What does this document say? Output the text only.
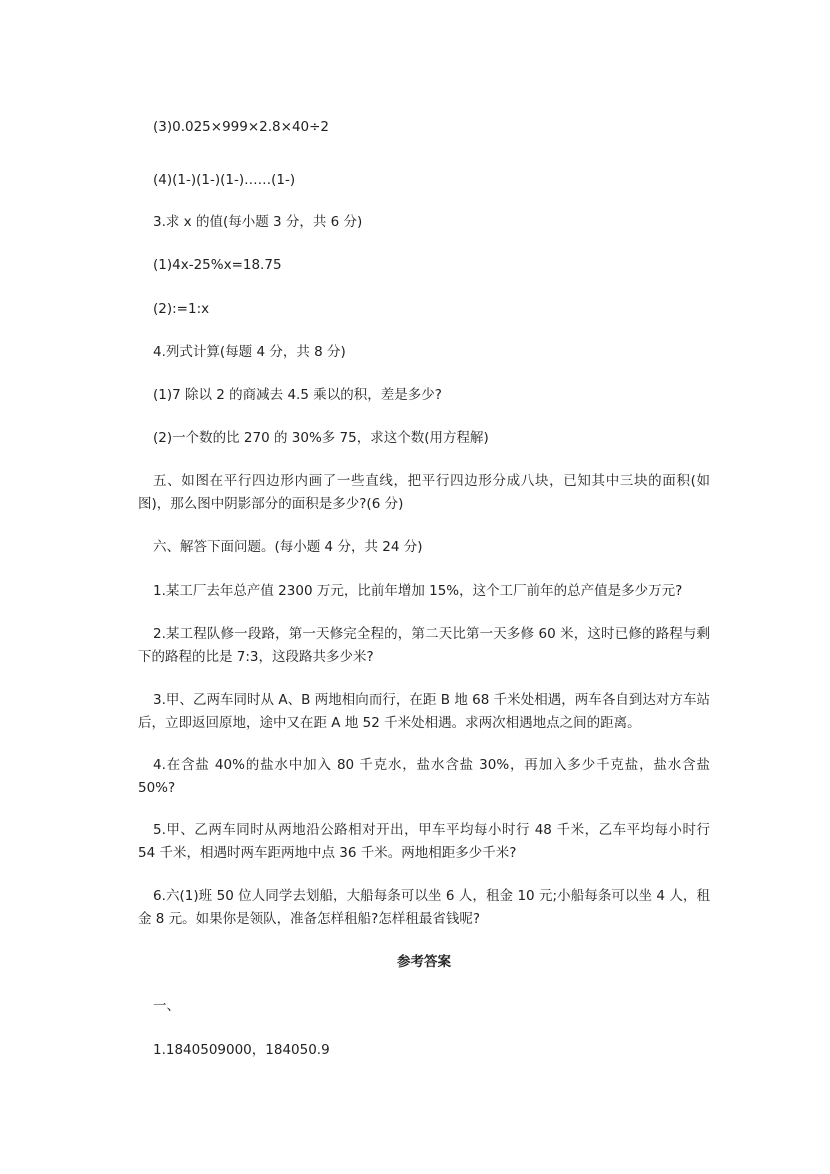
(3)0.025×999×2.8×40÷2
(4)(1-)(1-)(1-)……(1-)
3.求 x 的值(每小题 3 分，共 6 分)
(1)4x-25%x=18.75
(2):=1:x
4.列式计算(每题 4 分，共 8 分)
(1)7 除以 2 的商减去 4.5 乘以的积，差是多少?
(2)一个数的比 270 的 30%多 75，求这个数(用方程解)
五、如图在平行四边形内画了一些直线，把平行四边形分成八块，已知其中三块的面积(如图)，那么图中阴影部分的面积是多少?(6 分)
六、解答下面问题。(每小题 4 分，共 24 分)
1.某工厂去年总产值 2300 万元，比前年增加 15%，这个工厂前年的总产值是多少万元?
2.某工程队修一段路，第一天修完全程的，第二天比第一天多修 60 米，这时已修的路程与剩下的路程的比是 7:3，这段路共多少米?
3.甲、乙两车同时从 A、B 两地相向而行，在距 B 地 68 千米处相遇，两车各自到达对方车站后，立即返回原地，途中又在距 A 地 52 千米处相遇。求两次相遇地点之间的距离。
4.在含盐 40%的盐水中加入 80 千克水，盐水含盐 30%，再加入多少千克盐，盐水含盐 50%?
5.甲、乙两车同时从两地沿公路相对开出，甲车平均每小时行 48 千米，乙车平均每小时行 54 千米，相遇时两车距两地中点 36 千米。两地相距多少千米?
6.六(1)班 50 位人同学去划船，大船每条可以坐 6 人，租金 10 元;小船每条可以坐 4 人，租金 8 元。如果你是领队，准备怎样租船?怎样租最省钱呢?
参考答案
一、
1.1840509000，184050.9
